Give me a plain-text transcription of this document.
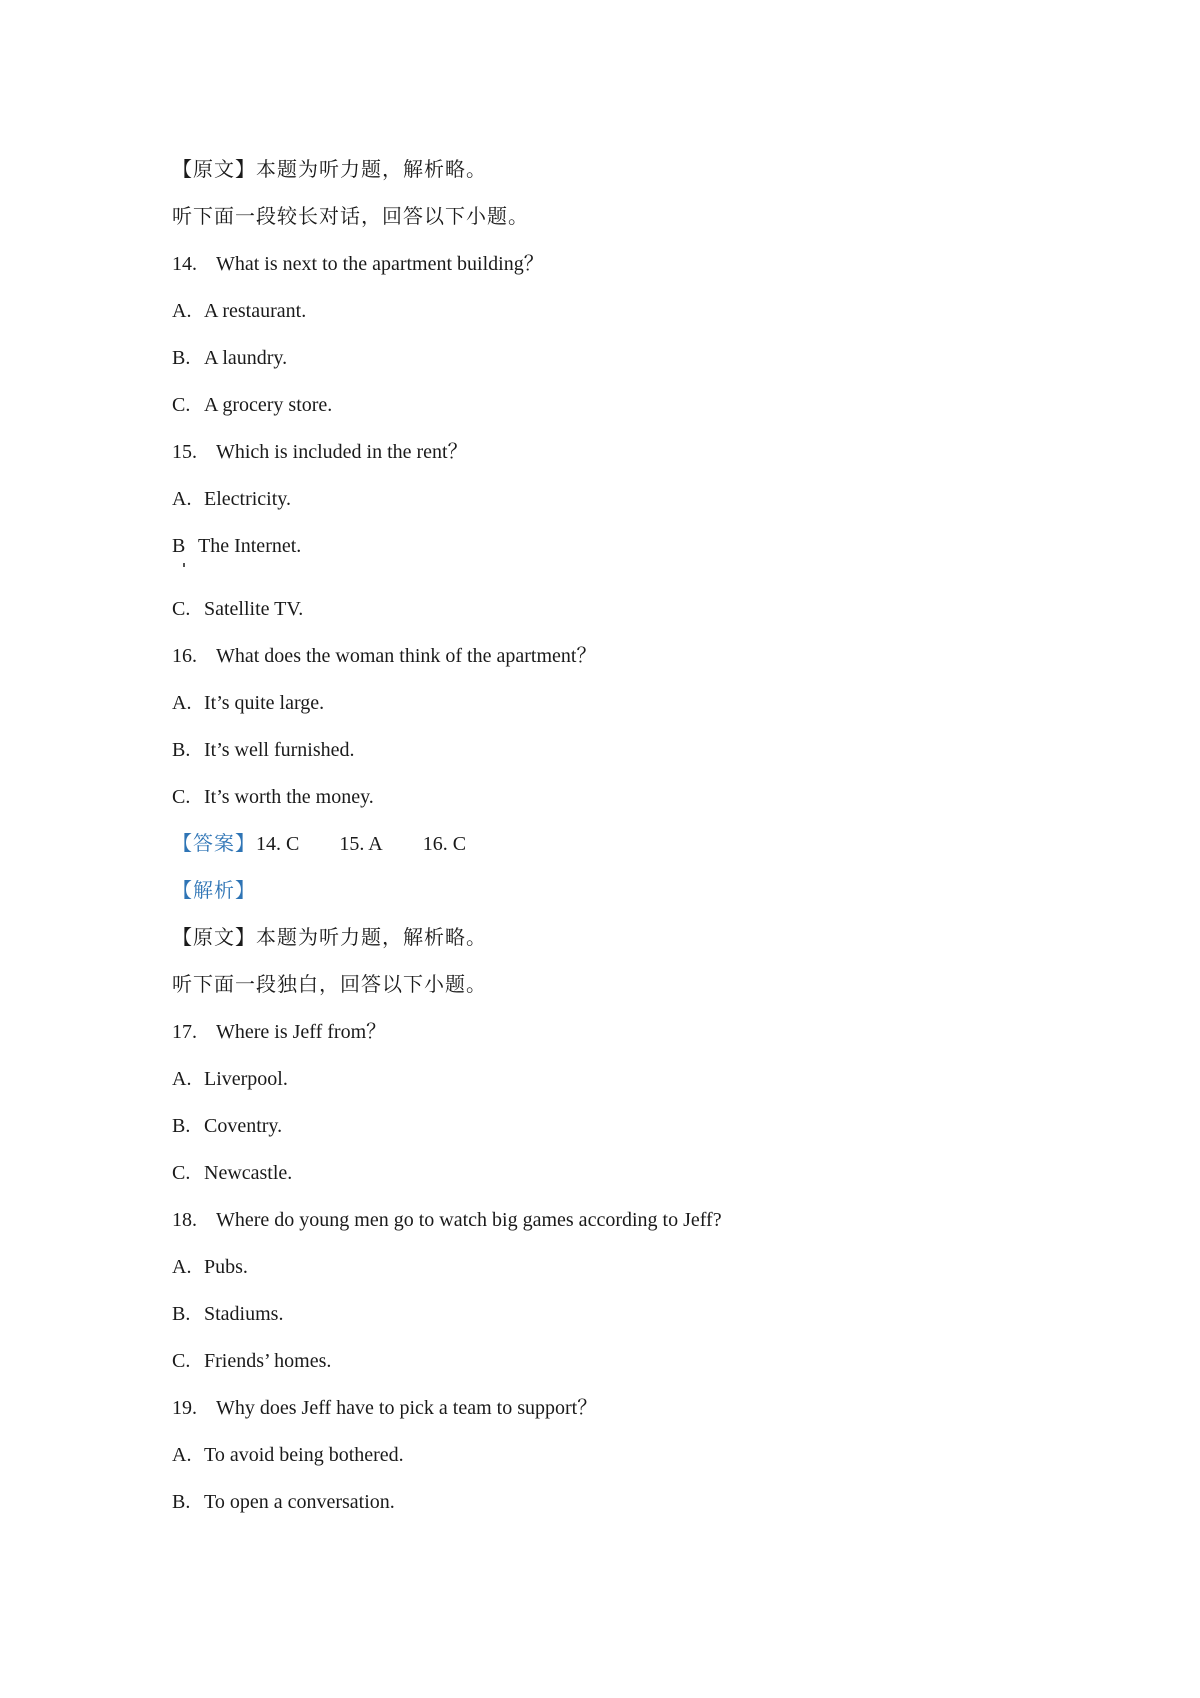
【原文】本题为听力题，解析略。

听下面一段较长对话，回答以下小题。

14. What is next to the apartment building？

A. A restaurant.

B. A laundry.

C. A grocery store.

15. Which is included in the rent？

A. Electricity.

B The Internet.

C. Satellite TV.

16. What does the woman think of the apartment？

A. It’s quite large.

B. It’s well furnished.

C. It’s worth the money.

【答案】14. C 15. A 16. C

【解析】

【原文】本题为听力题，解析略。

听下面一段独白，回答以下小题。

17. Where is Jeff from？

A. Liverpool.

B. Coventry.

C. Newcastle.

18. Where do young men go to watch big games according to Jeff?

A. Pubs.

B. Stadiums.

C. Friends’ homes.

19. Why does Jeff have to pick a team to support？

A. To avoid being bothered.

B. To open a conversation.
